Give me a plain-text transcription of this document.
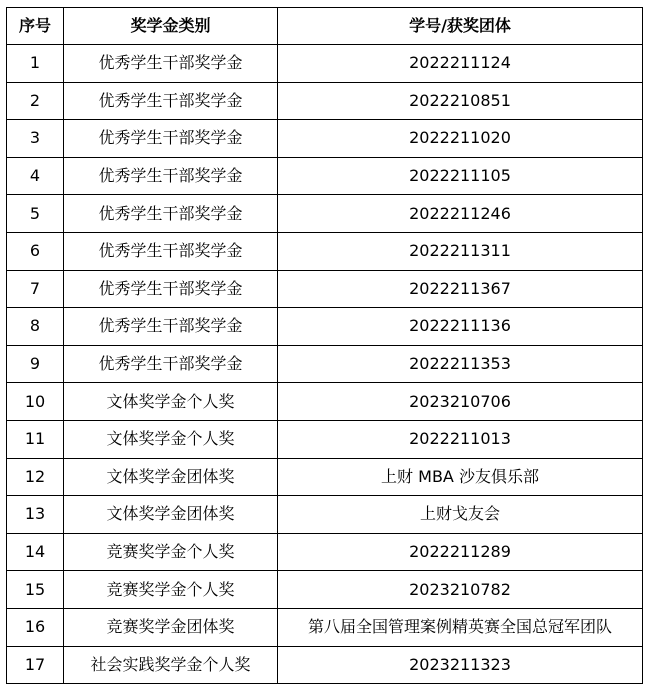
序号	奖学金类别	学号/获奖团体
1	优秀学生干部奖学金	2022211124
2	优秀学生干部奖学金	2022210851
3	优秀学生干部奖学金	2022211020
4	优秀学生干部奖学金	2022211105
5	优秀学生干部奖学金	2022211246
6	优秀学生干部奖学金	2022211311
7	优秀学生干部奖学金	2022211367
8	优秀学生干部奖学金	2022211136
9	优秀学生干部奖学金	2022211353
10	文体奖学金个人奖	2023210706
11	文体奖学金个人奖	2022211013
12	文体奖学金团体奖	上财 MBA 沙友俱乐部
13	文体奖学金团体奖	上财戈友会
14	竞赛奖学金个人奖	2022211289
15	竞赛奖学金个人奖	2023210782
16	竞赛奖学金团体奖	第八届全国管理案例精英赛全国总冠军团队
17	社会实践奖学金个人奖	2023211323
